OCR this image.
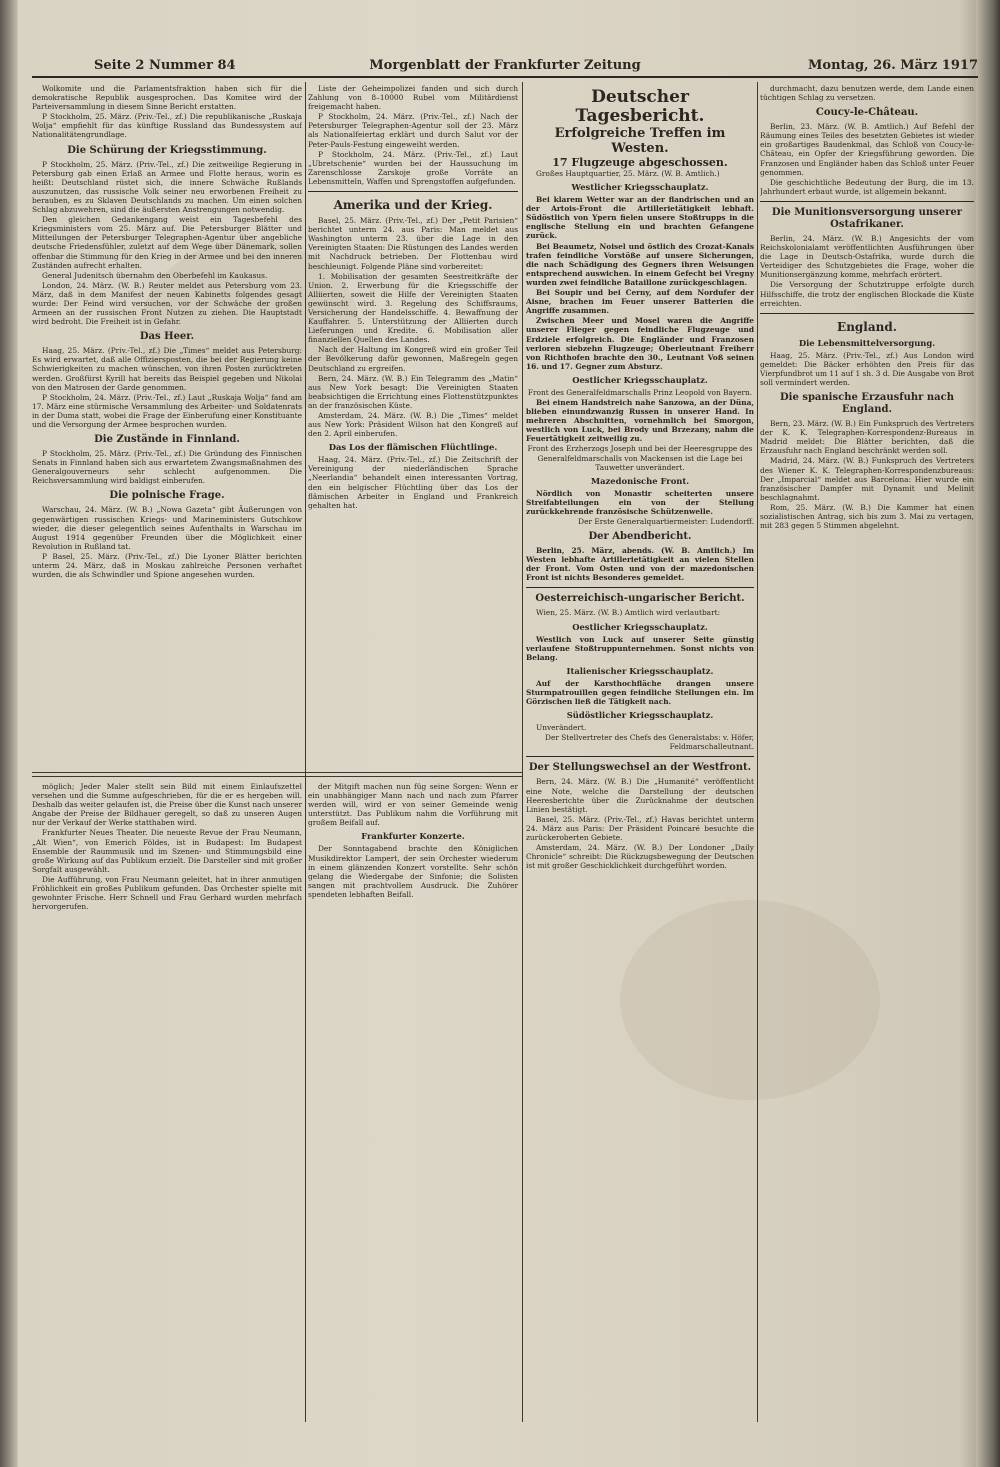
Seite 2 Nummer 84	Morgenblatt der Frankfurter Zeitung	Montag, 26. März 1917

Wolkomite und die Parlamentsfraktion haben sich für die demokratische Republik ausgesprochen. Das Komitee wird der Parteiversammlung in diesem Sinne Bericht erstatten.

P Stockholm, 25. März. (Priv.-Tel., zf.) Die republikanische „Ruskaja Wolja“ empfiehlt für das künftige Russland das Bundessystem auf Nationalitätengrundlage.

Die Schürung der Kriegsstimmung.

P Stockholm, 25. März. (Priv.-Tel., zf.) Die zeitweilige Regierung in Petersburg gab einen Erlaß an Armee und Flotte heraus, worin es heißt: Deutschland rüstet sich, die innere Schwäche Rußlands auszunutzen, das russische Volk seiner neu erworbenen Freiheit zu berauben, es zu Sklaven Deutschlands zu machen. Um einen solchen Schlag abzuwehren, sind die äußersten Anstrengungen notwendig.

Den gleichen Gedankengang weist ein Tagesbefehl des Kriegsministers vom 25. März auf. Die Petersburger Blätter und Mitteilungen der Petersburger Telegraphen-Agentur über angebliche deutsche Friedensfühler, zuletzt auf dem Wege über Dänemark, sollen offenbar die Stimmung für den Krieg in der Armee und bei den inneren Zuständen aufrecht erhalten.

General Judenitsch übernahm den Oberbefehl im Kaukasus.

London, 24. März. (W. B.) Reuter meldet aus Petersburg vom 23. März, daß in dem Manifest der neuen Kabinetts folgendes gesagt wurde: Der Feind wird versuchen, vor der Schwäche der großen Armeen an der russischen Front Nutzen zu ziehen. Die Hauptstadt wird bedroht. Die Freiheit ist in Gefahr.

Das Heer.

Haag, 25. März. (Priv.-Tel., zf.) Die „Times“ meldet aus Petersburg: Es wird erwartet, daß alle Offiziersposten, die bei der Regierung keine Schwierigkeiten zu machen wünschen, von ihren Posten zurücktreten werden. Großfürst Kyrill hat bereits das Beispiel gegeben und Nikolai von den Matrosen der Garde genommen.

P Stockholm, 24. März. (Priv.-Tel., zf.) Laut „Ruskaja Wolja“ fand am 17. März eine stürmische Versammlung des Arbeiter- und Soldatenrats in der Duma statt, wobei die Frage der Einberufung einer Konstituante und die Versorgung der Armee besprochen wurden.

Die Zustände in Finnland.

P Stockholm, 25. März. (Priv.-Tel., zf.) Die Gründung des Finnischen Senats in Finnland haben sich aus erwartetem Zwangsmaßnahmen des Generalgouverneurs sehr schlecht aufgenommen. Die Reichsversammlung wird baldigst einberufen.

Die polnische Frage.

Warschau, 24. März. (W. B.) „Nowa Gazeta“ gibt Äußerungen von gegenwärtigen russischen Kriegs- und Marineministers Gutschkow wieder, die dieser gelegentlich seines Aufenthalts in Warschau im August 1914 gegenüber Freunden über die Möglichkeit einer Revolution in Rußland tat.

P Basel, 25. März. (Priv.-Tel., zf.) Die Lyoner Blätter berichten unterm 24. März, daß in Moskau zahlreiche Personen verhaftet wurden, die als Schwindler und Spione angesehen wurden.

Liste der Geheimpolizei fanden und sich durch Zahlung von 8–10000 Rubel vom Militärdienst freigemacht haben.

P Stockholm, 24. März. (Priv.-Tel., zf.) Nach der Petersburger Telegraphen-Agentur soll der 23. März als Nationalfeiertag erklärt und durch Salut vor der Peter-Pauls-Festung eingeweiht werden.

P Stockholm, 24. März. (Priv.-Tel., zf.) Laut „Ubretschenie“ wurden bei der Haussuchung im Zarenschlosse Zarskoje große Vorräte an Lebensmitteln, Waffen und Sprengstoffen aufgefunden.

Amerika und der Krieg.

Basel, 25. März. (Priv.-Tel., zf.) Der „Petit Parisien“ berichtet unterm 24. aus Paris: Man meldet aus Washington unterm 23. über die Lage in den Vereinigten Staaten: Die Rüstungen des Landes werden mit Nachdruck betrieben. Der Flottenbau wird beschleunigt. Folgende Pläne sind vorbereitet:

1. Mobilisation der gesamten Seestreitkräfte der Union. 2. Erwerbung für die Kriegsschiffe der Alliierten, soweit die Hilfe der Vereinigten Staaten gewünscht wird. 3. Regelung des Schiffsraums, Versicherung der Handelsschiffe. 4. Bewaffnung der Kauffahrer. 5. Unterstützung der Alliierten durch Lieferungen und Kredite. 6. Mobilisation aller finanziellen Quellen des Landes.

Nach der Haltung im Kongreß wird ein großer Teil der Bevölkerung dafür gewonnen, Maßregeln gegen Deutschland zu ergreifen.

Bern, 24. März. (W. B.) Ein Telegramm des „Matin“ aus New York besagt: Die Vereinigten Staaten beabsichtigen die Errichtung eines Flottenstützpunktes an der französischen Küste.

Amsterdam, 24. März. (W. B.) Die „Times“ meldet aus New York: Präsident Wilson hat den Kongreß auf den 2. April einberufen.

Das Los der flämischen Flüchtlinge.

Haag, 24. März. (Priv.-Tel., zf.) Die Zeitschrift der Vereinigung der niederländischen Sprache „Neerlandia“ behandelt einen interessanten Vortrag, den ein belgischer Flüchtling über das Los der flämischen Arbeiter in England und Frankreich gehalten hat.

Deutscher Tagesbericht.
Erfolgreiche Treffen im Westen.
17 Flugzeuge abgeschossen.

Großes Hauptquartier, 25. März. (W. B. Amtlich.)

Westlicher Kriegsschauplatz.

Bei klarem Wetter war an der flandrischen und an der Artois-Front die Artillerietätigkeit lebhaft. Südöstlich von Ypern fielen unsere Stoßtrupps in die englische Stellung ein und brachten Gefangene zurück.

Bei Beaumetz, Noisel und östlich des Crozat-Kanals trafen feindliche Vorstöße auf unsere Sicherungen, die nach Schädigung des Gegners ihren Weisungen entsprechend auswichen. In einem Gefecht bei Vregny wurden zwei feindliche Bataillone zurückgeschlagen.

Bei Soupir und bei Cerny, auf dem Nordufer der Aisne, brachen im Feuer unserer Batterien die Angriffe zusammen.

Zwischen Meer und Mosel waren die Angriffe unserer Flieger gegen feindliche Flugzeuge und Erdziele erfolgreich. Die Engländer und Franzosen verloren siebzehn Flugzeuge; Oberleutnant Freiherr von Richthofen brachte den 30., Leutnant Voß seinen 16. und 17. Gegner zum Absturz.

Oestlicher Kriegsschauplatz.

Front des Generalfeldmarschalls Prinz Leopold von Bayern.

Bei einem Handstreich nahe Sanzowa, an der Düna, blieben einundzwanzig Russen in unserer Hand. In mehreren Abschnitten, vornehmlich bei Smorgon, westlich von Luck, bei Brody und Brzezany, nahm die Feuertätigkeit zeitweilig zu.

Front des Erzherzogs Joseph und bei der Heeresgruppe des Generalfeldmarschalls von Mackensen ist die Lage bei Tauwetter unverändert.

Mazedonische Front.

Nördlich von Monastir scheiterten unsere Streifabteilungen ein von der Stellung zurückkehrende französische Schützenwelle.

Der Erste Generalquartiermeister: Ludendorff.

Der Abendbericht.

Berlin, 25. März, abends. (W. B. Amtlich.) Im Westen lebhafte Artillerietätigkeit an vielen Stellen der Front. Vom Osten und von der mazedonischen Front ist nichts Besonderes gemeldet.

Oesterreichisch-ungarischer Bericht.

Wien, 25. März. (W. B.) Amtlich wird verlautbart:

Oestlicher Kriegsschauplatz.

Westlich von Luck auf unserer Seite günstig verlaufene Stoßtruppunternehmen. Sonst nichts von Belang.

Italienischer Kriegsschauplatz.

Auf der Karsthochfläche drangen unsere Sturmpatrouillen gegen feindliche Stellungen ein. Im Görzischen ließ die Tätigkeit nach.

Südöstlicher Kriegsschauplatz.

Unverändert.

Der Stellvertreter des Chefs des Generalstabs: v. Höfer, Feldmarschalleutnant.

Der Stellungswechsel an der Westfront.

Bern, 24. März. (W. B.) Die „Humanité“ veröffentlicht eine Note, welche die Darstellung der deutschen Heeresberichte über die Zurücknahme der deutschen Linien bestätigt.

Basel, 25. März. (Priv.-Tel., zf.) Havas berichtet unterm 24. März aus Paris: Der Präsident Poincaré besuchte die zurückeroberten Gebiete.

Amsterdam, 24. März. (W. B.) Der Londoner „Daily Chronicle“ schreibt: Die Rückzugsbewegung der Deutschen ist mit großer Geschicklichkeit durchgeführt worden.

durchmacht, dazu benutzen werde, dem Lande einen tüchtigen Schlag zu versetzen.

Coucy-le-Château.

Berlin, 23. März. (W. B. Amtlich.) Auf Befehl der Räumung eines Teiles des besetzten Gebietes ist wieder ein großartiges Baudenkmal, das Schloß von Coucy-le-Château, ein Opfer der Kriegsführung geworden. Die Franzosen und Engländer haben das Schloß unter Feuer genommen.

Die geschichtliche Bedeutung der Burg, die im 13. Jahrhundert erbaut wurde, ist allgemein bekannt.

Die Munitionsversorgung unserer Ostafrikaner.

Berlin, 24. März. (W. B.) Angesichts der vom Reichskolonialamt veröffentlichten Ausführungen über die Lage in Deutsch-Ostafrika, wurde durch die Verteidiger des Schutzgebietes die Frage, woher die Munitionsergänzung komme, mehrfach erörtert.

Die Versorgung der Schutztruppe erfolgte durch Hilfsschiffe, die trotz der englischen Blockade die Küste erreichten.

England.
Die Lebensmittelversorgung.

Haag, 25. März. (Priv.-Tel., zf.) Aus London wird gemeldet: Die Bäcker erhöhten den Preis für das Vierpfundbrot um 11 auf 1 sh. 3 d. Die Ausgabe von Brot soll vermindert werden.

Die spanische Erzausfuhr nach England.

Bern, 23. März. (W. B.) Ein Funkspruch des Vertreters der K. K. Telegraphen-Korrespondenz-Bureaus in Madrid meldet: Die Blätter berichten, daß die Erzausfuhr nach England beschränkt werden soll.

Madrid, 24. März. (W. B.) Funkspruch des Vertreters des Wiener K. K. Telegraphen-Korrespondenzbureaus: Der „Imparcial“ meldet aus Barcelona: Hier wurde ein französischer Dampfer mit Dynamit und Melinit beschlagnahmt.

Rom, 25. März. (W. B.) Die Kammer hat einen sozialistischen Antrag, sich bis zum 3. Mai zu vertagen, mit 283 gegen 5 Stimmen abgelehnt.

möglich; Jeder Maler stellt sein Bild mit einem Einlaufszettel versehen und die Summe aufgeschrieben, für die er es hergeben will. Deshalb das weiter gelaufen ist, die Preise über die Kunst nach unserer Angabe der Preise der Bildhauer geregelt, so daß zu unseren Augen nur der Verkauf der Werke statthaben wird.

Frankfurter Neues Theater. Die neueste Revue der Frau Neumann, „Alt Wien“, von Emerich Földes, ist in Budapest: Im Budapest Ensemble der Raummusik und im Szenen- und Stimmungsbild eine große Wirkung auf das Publikum erzielt. Die Darsteller sind mit großer Sorgfalt ausgewählt.

Die Aufführung, von Frau Neumann geleitet, hat in ihrer anmutigen Fröhlichkeit ein großes Publikum gefunden. Das Orchester spielte mit gewohnter Frische. Herr Schnell und Frau Gerhard wurden mehrfach hervorgerufen.

der Mitgift machen nun füg seine Sorgen: Wenn er ein unabhängiger Mann nach und nach zum Pfarrer werden will, wird er von seiner Gemeinde wenig unterstützt. Das Publikum nahm die Vorführung mit großem Beifall auf.

Frankfurter Konzerte.

Der Sonntagabend brachte den Königlichen Musikdirektor Lampert, der sein Orchester wiederum in einem glänzenden Konzert vorstellte. Sehr schön gelang die Wiedergabe der Sinfonie; die Solisten sangen mit prachtvollem Ausdruck. Die Zuhörer spendeten lebhaften Beifall.
